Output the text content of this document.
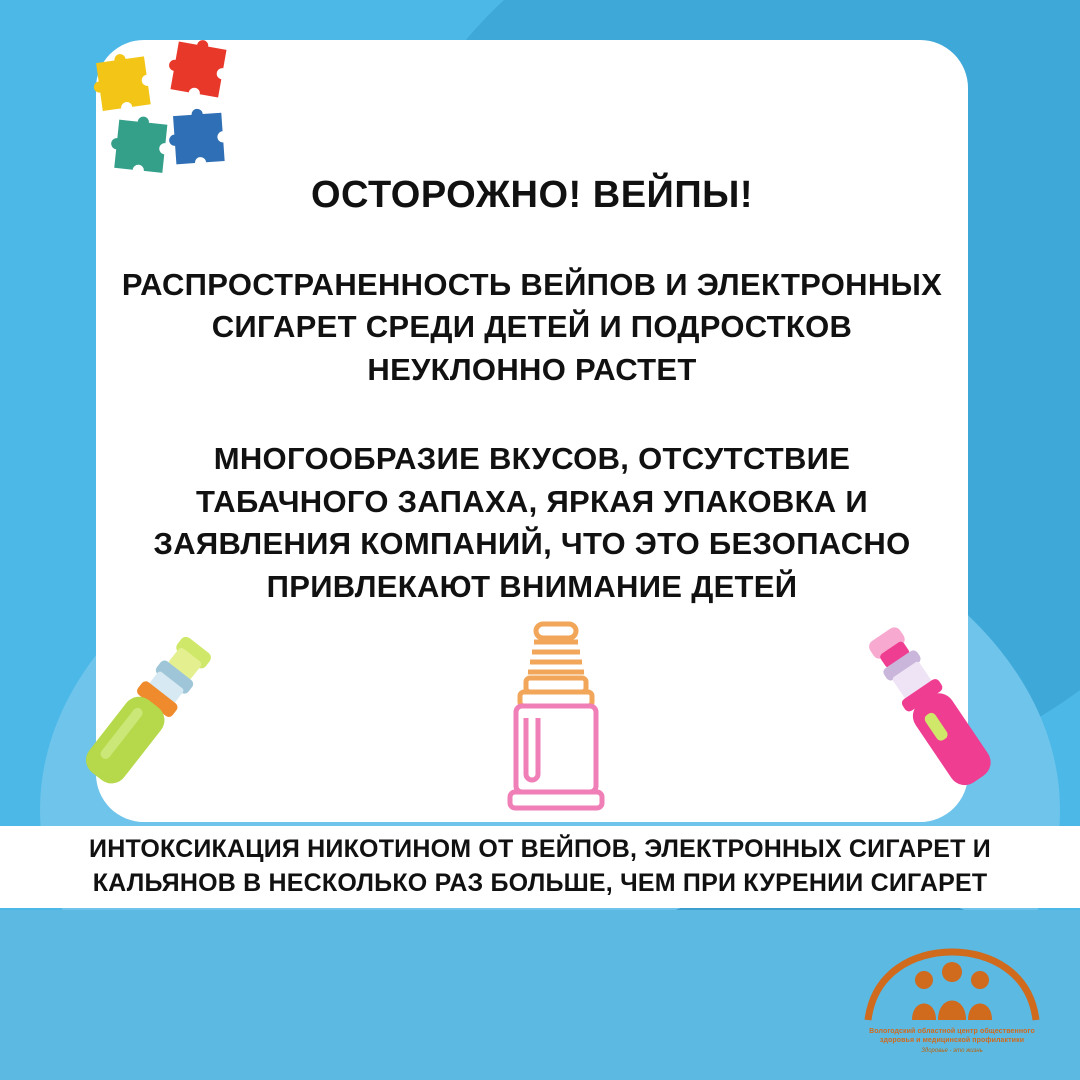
ОСТОРОЖНО! ВЕЙПЫ!

РАСПРОСТРАНЕННОСТЬ ВЕЙПОВ И ЭЛЕКТРОННЫХ СИГАРЕТ СРЕДИ ДЕТЕЙ И ПОДРОСТКОВ НЕУКЛОННО РАСТЕТ

МНОГООБРАЗИЕ ВКУСОВ, ОТСУТСТВИЕ ТАБАЧНОГО ЗАПАХА, ЯРКАЯ УПАКОВКА И ЗАЯВЛЕНИЯ КОМПАНИЙ, ЧТО ЭТО БЕЗОПАСНО ПРИВЛЕКАЮТ ВНИМАНИЕ ДЕТЕЙ

ИНТОКСИКАЦИЯ НИКОТИНОМ ОТ ВЕЙПОВ, ЭЛЕКТРОННЫХ СИГАРЕТ И КАЛЬЯНОВ В НЕСКОЛЬКО РАЗ БОЛЬШЕ, ЧЕМ ПРИ КУРЕНИИ СИГАРЕТ
Вологодский областной центр общественного здоровья и медицинской профилактики
Здоровье - это жизнь
